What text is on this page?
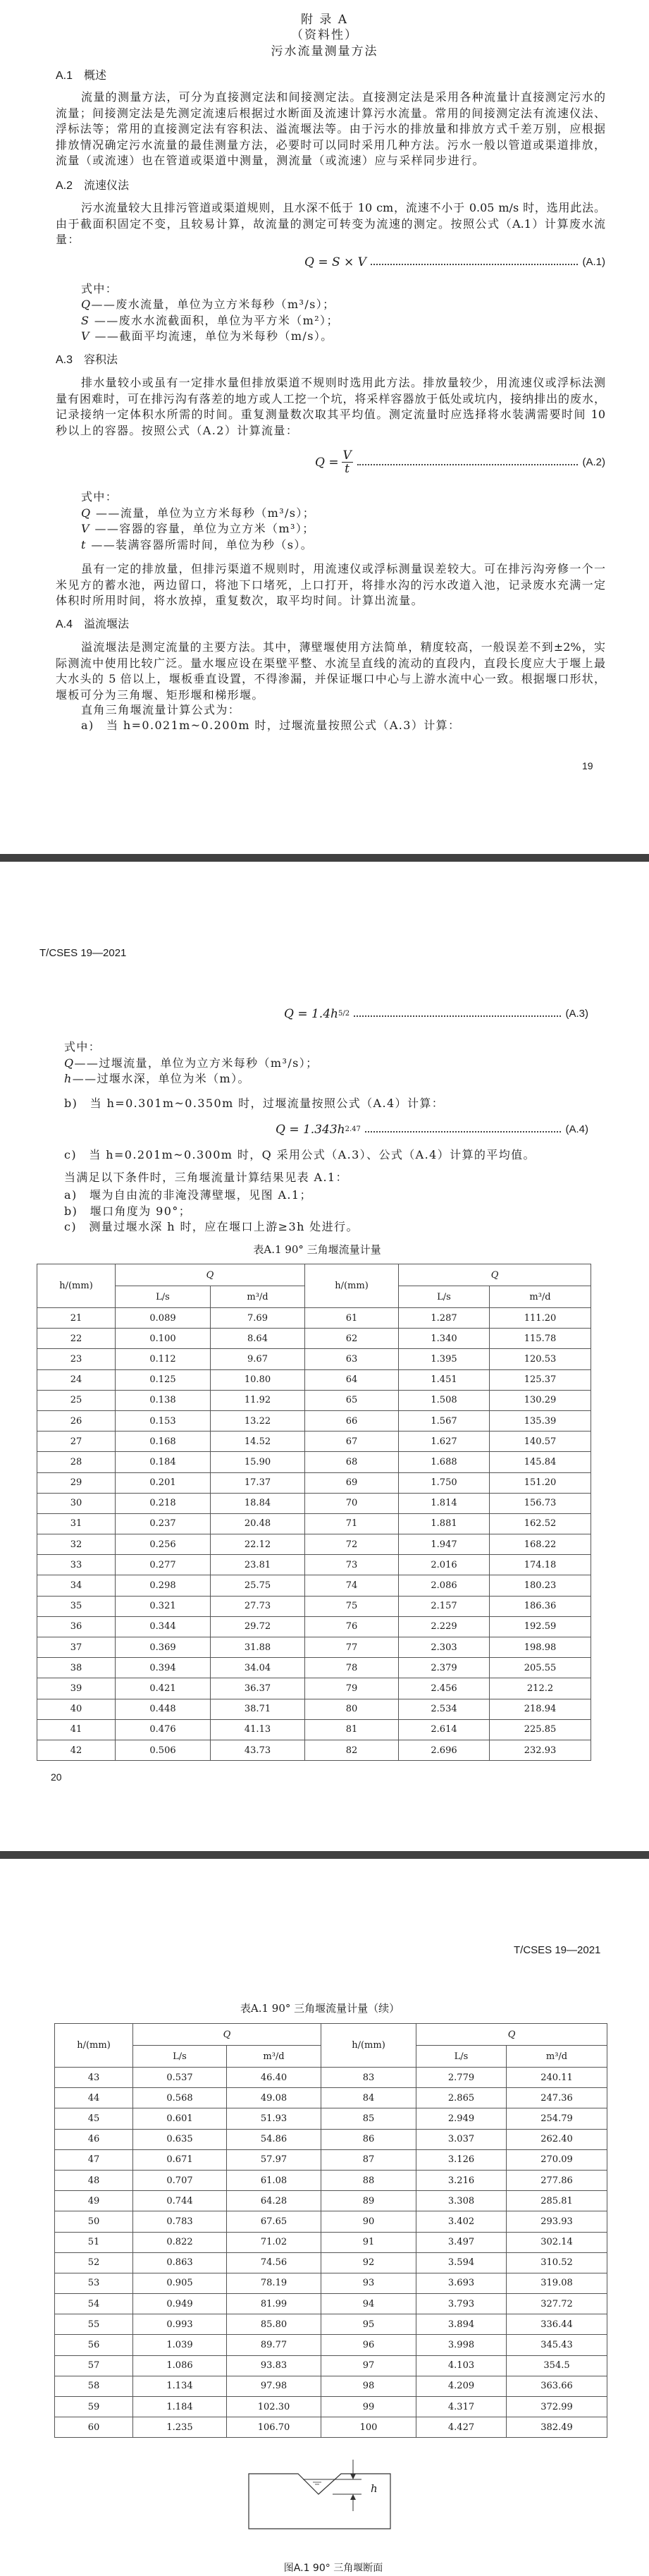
附 录 A
（资料性）
污水流量测量方法
A.1 概述
流量的测量方法，可分为直接测定法和间接测定法。直接测定法是采用各种流量计直接测定污水的
流量；间接测定法是先测定流速后根据过水断面及流速计算污水流量。常用的间接测定法有流速仪法、
浮标法等；常用的直接测定法有容积法、溢流堰法等。由于污水的排放量和排放方式千差万别，应根据
排放情况确定污水流量的最佳测量方法，必要时可以同时采用几种方法。污水一般以管道或渠道排放，
流量（或流速）也在管道或渠道中测量，测流量（或流速）应与采样同步进行。
A.2 流速仪法
污水流量较大且排污管道或渠道规则，且水深不低于 10 cm，流速不小于 0.05 m/s 时，选用此法。
由于截面积固定不变，且较易计算，故流量的测定可转变为流速的测定。按照公式（A.1）计算废水流
量：
Q = S × V	(A.1)
式中：
Q——废水流量，单位为立方米每秒（m³/s）；
S ——废水水流截面积，单位为平方米（m²）；
V ——截面平均流速，单位为米每秒（m/s）。
A.3 容积法
排水量较小或虽有一定排水量但排放渠道不规则时选用此方法。排放量较少，用流速仪或浮标法测
量有困难时，可在排污沟有落差的地方或人工挖一个坑，将采样容器放于低处或坑内，接纳排出的废水，
记录接纳一定体积水所需的时间。重复测量数次取其平均值。测定流量时应选择将水装满需要时间 10
秒以上的容器。按照公式（A.2）计算流量：
$Q = \frac{V}{t}$	(A.2)
式中：
Q ——流量，单位为立方米每秒（m³/s）；
V ——容器的容量，单位为立方米（m³）；
t ——装满容器所需时间，单位为秒（s）。
虽有一定的排放量，但排污渠道不规则时，用流速仪或浮标测量误差较大。可在排污沟旁修一个一
米见方的蓄水池，两边留口，将池下口堵死，上口打开，将排水沟的污水改道入池，记录废水充满一定
体积时所用时间，将水放掉，重复数次，取平均时间。计算出流量。
A.4 溢流堰法
溢流堰法是测定流量的主要方法。其中，薄壁堰使用方法简单，精度较高，一般误差不到±2%，实
际测流中使用比较广泛。量水堰应设在渠壁平整、水流呈直线的流动的直段内，直段长度应大于堰上最
大水头的 5 倍以上，堰板垂直设置，不得渗漏，并保证堰口中心与上游水流中心一致。根据堰口形状，
堰板可分为三角堰、矩形堰和梯形堰。
直角三角堰流量计算公式为：
a)　当 h=0.021m~0.200m 时，过堰流量按照公式（A.3）计算：
19
T/CSES 19—2021
Q = 1.4h 5/2	(A.3)
式中：
Q——过堰流量，单位为立方米每秒（m³/s）；
h——过堰水深，单位为米（m）。
b)　当 h=0.301m~0.350m 时，过堰流量按照公式（A.4）计算：
Q = 1.343h 2.47	(A.4)
c)　当 h=0.201m~0.300m 时，Q 采用公式（A.3）、公式（A.4）计算的平均值。
当满足以下条件时，三角堰流量计算结果见表 A.1：
a)　堰为自由流的非淹没薄壁堰，见图 A.1；
b)　堰口角度为 90°；
c)　测量过堰水深 h 时，应在堰口上游≥3h 处进行。
表A.1 90° 三角堰流量计量
h/(mm)	Q		h/(mm)	Q	
	L/s	m³/d		L/s	m³/d
21	0.089	7.69	61	1.287	111.20
22	0.100	8.64	62	1.340	115.78
23	0.112	9.67	63	1.395	120.53
24	0.125	10.80	64	1.451	125.37
25	0.138	11.92	65	1.508	130.29
26	0.153	13.22	66	1.567	135.39
27	0.168	14.52	67	1.627	140.57
28	0.184	15.90	68	1.688	145.84
29	0.201	17.37	69	1.750	151.20
30	0.218	18.84	70	1.814	156.73
31	0.237	20.48	71	1.881	162.52
32	0.256	22.12	72	1.947	168.22
33	0.277	23.81	73	2.016	174.18
34	0.298	25.75	74	2.086	180.23
35	0.321	27.73	75	2.157	186.36
36	0.344	29.72	76	2.229	192.59
37	0.369	31.88	77	2.303	198.98
38	0.394	34.04	78	2.379	205.55
39	0.421	36.37	79	2.456	212.2
40	0.448	38.71	80	2.534	218.94
41	0.476	41.13	81	2.614	225.85
42	0.506	43.73	82	2.696	232.93
20
T/CSES 19—2021
表A.1 90° 三角堰流量计量（续）
h/(mm)	Q		h/(mm)	Q	
	L/s	m³/d		L/s	m³/d
43	0.537	46.40	83	2.779	240.11
44	0.568	49.08	84	2.865	247.36
45	0.601	51.93	85	2.949	254.79
46	0.635	54.86	86	3.037	262.40
47	0.671	57.97	87	3.126	270.09
48	0.707	61.08	88	3.216	277.86
49	0.744	64.28	89	3.308	285.81
50	0.783	67.65	90	3.402	293.93
51	0.822	71.02	91	3.497	302.14
52	0.863	74.56	92	3.594	310.52
53	0.905	78.19	93	3.693	319.08
54	0.949	81.99	94	3.793	327.72
55	0.993	85.80	95	3.894	336.44
56	1.039	89.77	96	3.998	345.43
57	1.086	93.83	97	4.103	354.5
58	1.134	97.98	98	4.209	363.66
59	1.184	102.30	99	4.317	372.99
60	1.235	106.70	100	4.427	382.49
h
图A.1 90° 三角堰断面
